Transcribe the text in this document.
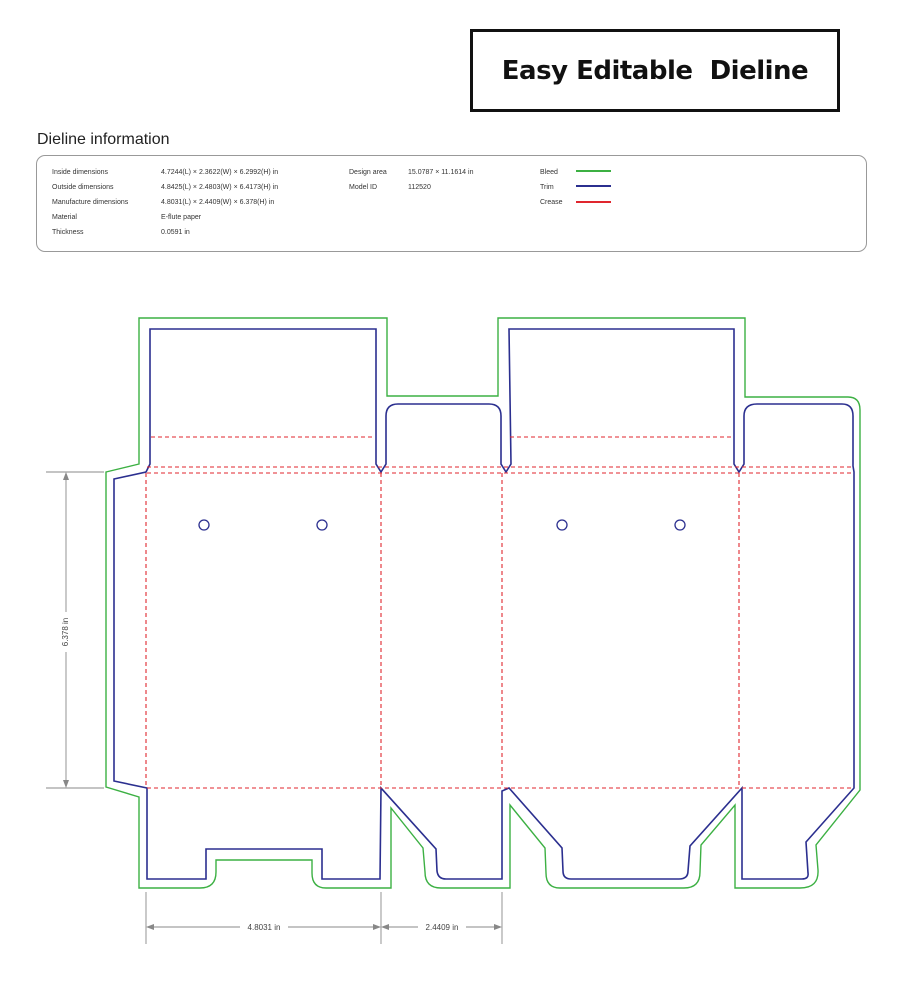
Easy Editable  Dieline
Dieline information
Inside dimensions	4.7244(L) × 2.3622(W) × 6.2992(H) in
Outside dimensions	4.8425(L) × 2.4803(W) × 6.4173(H) in
Manufacture dimensions	4.8031(L) × 2.4409(W) × 6.378(H) in
Material	E-flute paper
Thickness	0.0591 in
Design area	15.0787 × 11.1614 in
Model ID	112520
Bleed
Trim
Crease
6.378 in
4.8031 in	2.4409 in
